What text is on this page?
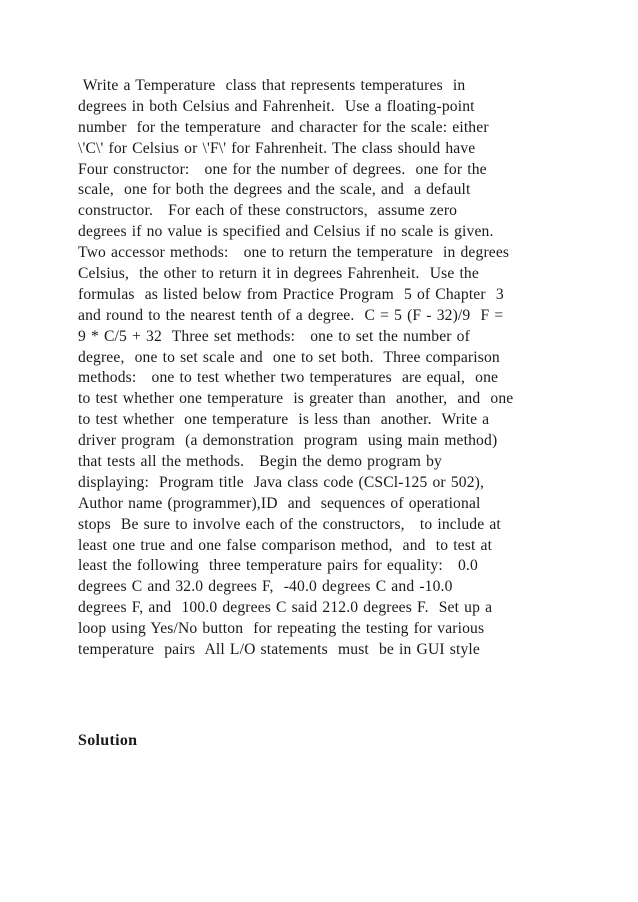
Write a Temperature  class that represents temperatures  in
degrees in both Celsius and Fahrenheit.  Use a floating-point
number  for the temperature  and character for the scale: either
\'C\' for Celsius or \'F\' for Fahrenheit. The class should have
Four constructor:   one for the number of degrees.  one for the
scale,  one for both the degrees and the scale, and  a default
constructor.   For each of these constructors,  assume zero
degrees if no value is specified and Celsius if no scale is given.
Two accessor methods:   one to return the temperature  in degrees
Celsius,  the other to return it in degrees Fahrenheit.  Use the
formulas  as listed below from Practice Program  5 of Chapter  3
and round to the nearest tenth of a degree.  C = 5 (F - 32)/9  F =
9 * C/5 + 32  Three set methods:   one to set the number of
degree,  one to set scale and  one to set both.  Three comparison
methods:   one to test whether two temperatures  are equal,  one
to test whether one temperature  is greater than  another,  and  one
to test whether  one temperature  is less than  another.  Write a
driver program  (a demonstration  program  using main method)
that tests all the methods.   Begin the demo program by
displaying:  Program title  Java class code (CSCl-125 or 502),
Author name (programmer),ID  and  sequences of operational
stops  Be sure to involve each of the constructors,   to include at
least one true and one false comparison method,  and  to test at
least the following  three temperature pairs for equality:   0.0
degrees C and 32.0 degrees F,  -40.0 degrees C and -10.0
degrees F, and  100.0 degrees C said 212.0 degrees F.  Set up a
loop using Yes/No button  for repeating the testing for various
temperature  pairs  All L/O statements  must  be in GUI style
Solution
